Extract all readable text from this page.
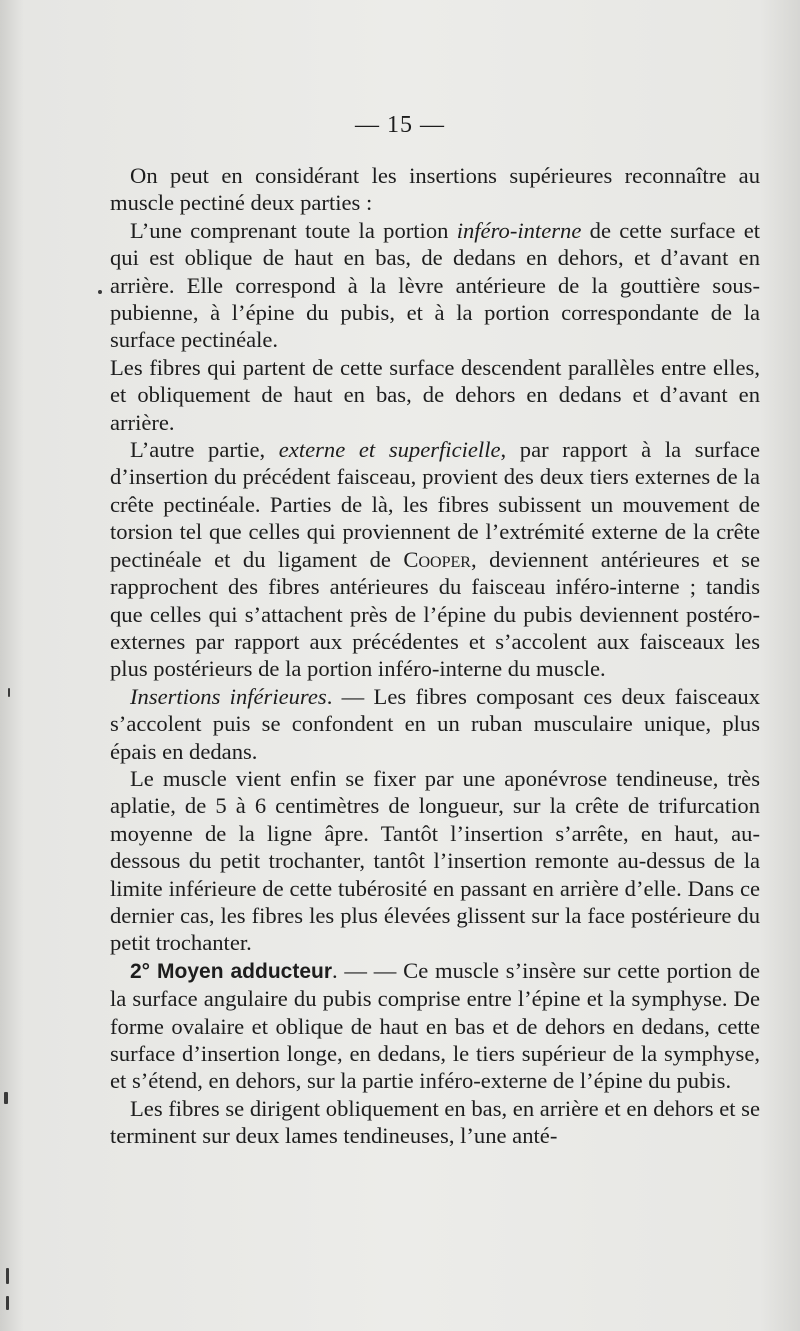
— 15 —

On peut en considérant les insertions supérieures reconnaître au muscle pectiné deux parties :

L’une comprenant toute la portion inféro-interne de cette surface et qui est oblique de haut en bas, de dedans en dehors, et d’avant en arrière. Elle correspond à la lèvre antérieure de la gouttière sous-pubienne, à l’épine du pubis, et à la portion correspondante de la surface pectinéale.

Les fibres qui partent de cette surface descendent parallèles entre elles, et obliquement de haut en bas, de dehors en dedans et d’avant en arrière.

L’autre partie, externe et superficielle, par rapport à la surface d’insertion du précédent faisceau, provient des deux tiers externes de la crête pectinéale. Parties de là, les fibres subissent un mouvement de torsion tel que celles qui proviennent de l’extrémité externe de la crête pectinéale et du ligament de Cooper, deviennent antérieures et se rapprochent des fibres antérieures du faisceau inféro-interne ; tandis que celles qui s’attachent près de l’épine du pubis deviennent postéro-externes par rapport aux précédentes et s’accolent aux faisceaux les plus postérieurs de la portion inféro-interne du muscle.

Insertions inférieures. — Les fibres composant ces deux faisceaux s’accolent puis se confondent en un ruban musculaire unique, plus épais en dedans.

Le muscle vient enfin se fixer par une aponévrose tendineuse, très aplatie, de 5 à 6 centimètres de longueur, sur la crête de trifurcation moyenne de la ligne âpre. Tantôt l’insertion s’arrête, en haut, au-dessous du petit trochanter, tantôt l’insertion remonte au-dessus de la limite inférieure de cette tubérosité en passant en arrière d’elle. Dans ce dernier cas, les fibres les plus élevées glissent sur la face postérieure du petit trochanter.

2° Moyen adducteur. — — Ce muscle s’insère sur cette portion de la surface angulaire du pubis comprise entre l’épine et la symphyse. De forme ovalaire et oblique de haut en bas et de dehors en dedans, cette surface d’insertion longe, en dedans, le tiers supérieur de la symphyse, et s’étend, en dehors, sur la partie inféro-externe de l’épine du pubis.

Les fibres se dirigent obliquement en bas, en arrière et en dehors et se terminent sur deux lames tendineuses, l’une anté-
